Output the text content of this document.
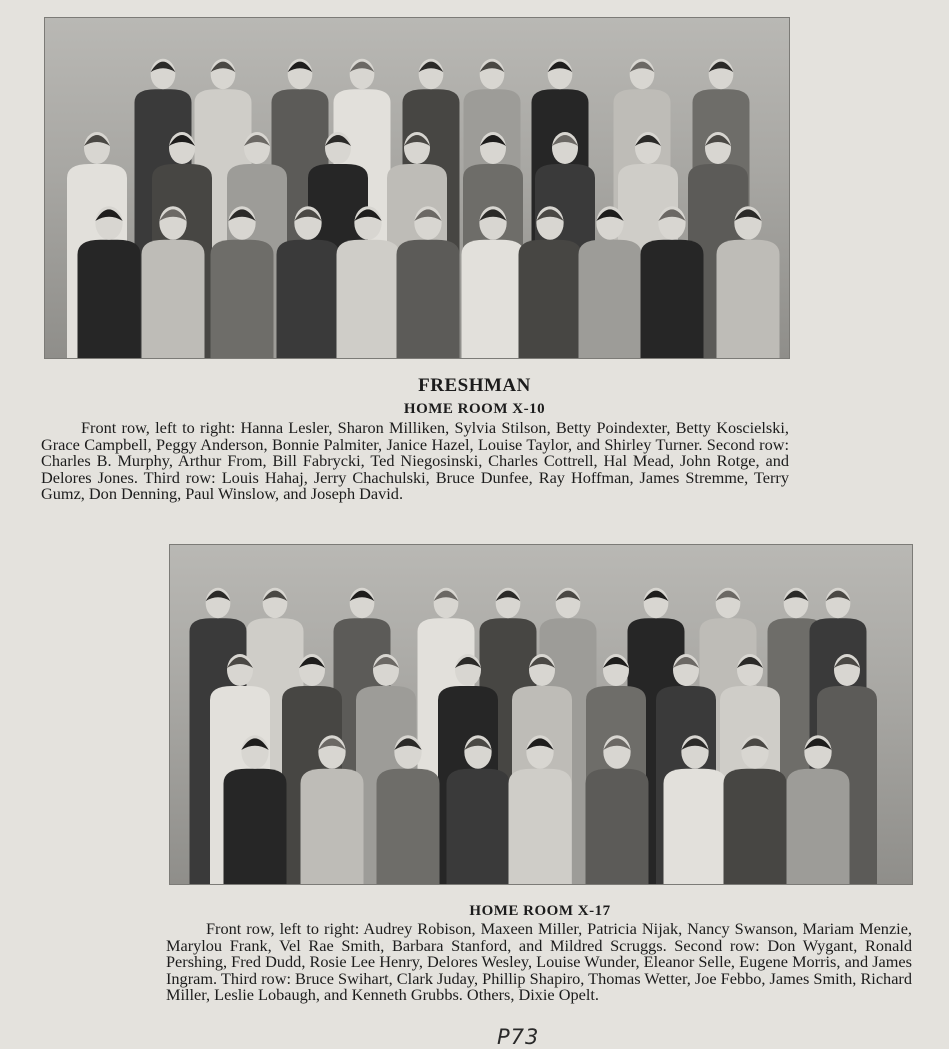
FRESHMAN
HOME ROOM X-10
Front row, left to right: Hanna Lesler, Sharon Milliken, Sylvia Stilson, Betty Poindexter, Betty Koscielski, Grace Campbell, Peggy Anderson, Bonnie Palmiter, Janice Hazel, Louise Taylor, and Shirley Turner. Second row: Charles B. Murphy, Arthur From, Bill Fabrycki, Ted Niegosinski, Charles Cottrell, Hal Mead, John Rotge, and Delores Jones. Third row: Louis Hahaj, Jerry Chachulski, Bruce Dunfee, Ray Hoffman, James Stremme, Terry Gumz, Don Denning, Paul Winslow, and Joseph David.
HOME ROOM X-17
Front row, left to right: Audrey Robison, Maxeen Miller, Patricia Nijak, Nancy Swanson, Mariam Menzie, Marylou Frank, Vel Rae Smith, Barbara Stanford, and Mildred Scruggs. Second row: Don Wygant, Ronald Pershing, Fred Dudd, Rosie Lee Henry, Delores Wesley, Louise Wunder, Eleanor Selle, Eugene Morris, and James Ingram. Third row: Bruce Swihart, Clark Juday, Phillip Shapiro, Thomas Wetter, Joe Febbo, James Smith, Richard Miller, Leslie Lobaugh, and Kenneth Grubbs. Others, Dixie Opelt.
P73
